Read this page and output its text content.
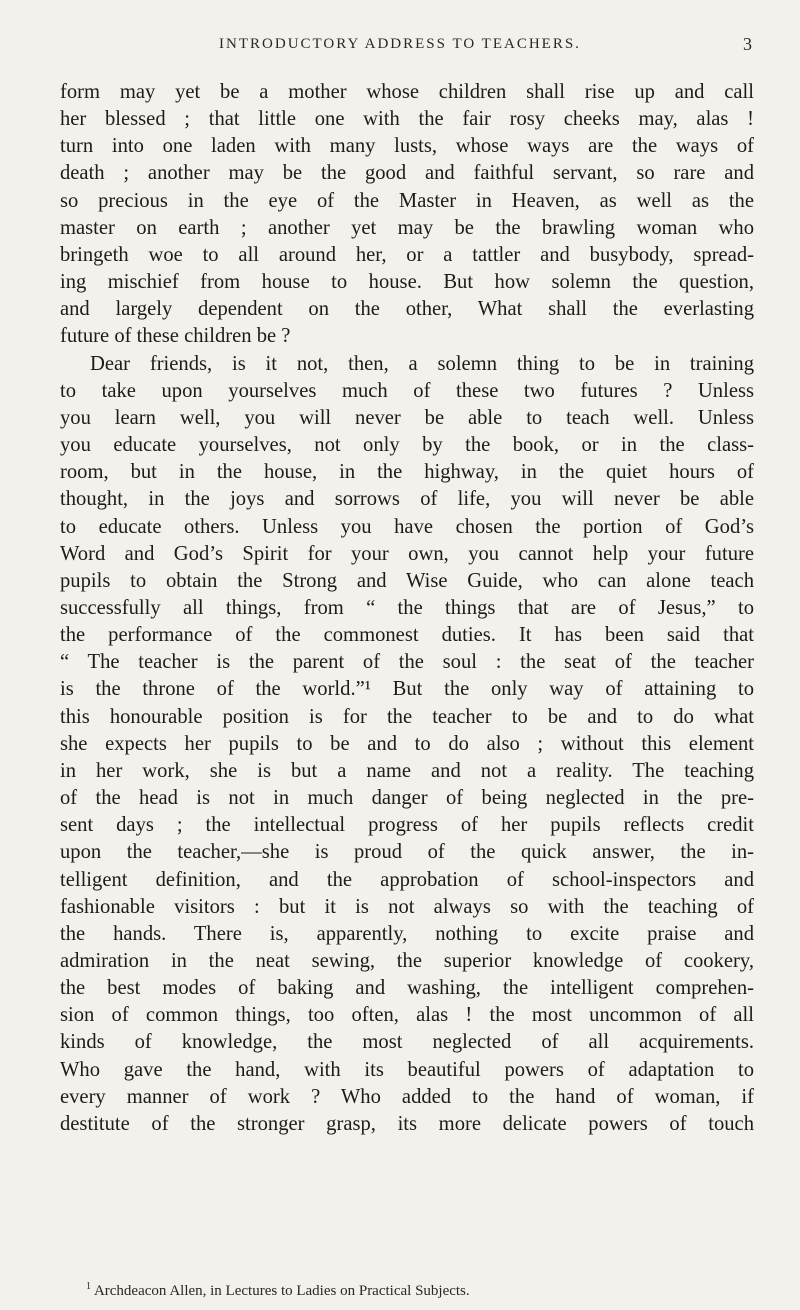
INTRODUCTORY ADDRESS TO TEACHERS.	3

form may yet be a mother whose children shall rise up and call

her blessed ; that little one with the fair rosy cheeks may, alas !

turn into one laden with many lusts, whose ways are the ways of

death ; another may be the good and faithful servant, so rare and

so precious in the eye of the Master in Heaven, as well as the

master on earth ; another yet may be the brawling woman who

bringeth woe to all around her, or a tattler and busybody, spread-

ing mischief from house to house. But how solemn the question,

and largely dependent on the other, What shall the everlasting

future of these children be ?

Dear friends, is it not, then, a solemn thing to be in training

to take upon yourselves much of these two futures ? Unless

you learn well, you will never be able to teach well. Unless

you educate yourselves, not only by the book, or in the class-

room, but in the house, in the highway, in the quiet hours of

thought, in the joys and sorrows of life, you will never be able

to educate others. Unless you have chosen the portion of God’s

Word and God’s Spirit for your own, you cannot help your future

pupils to obtain the Strong and Wise Guide, who can alone teach

successfully all things, from “ the things that are of Jesus,” to

the performance of the commonest duties. It has been said that

“ The teacher is the parent of the soul : the seat of the teacher

is the throne of the world.”¹ But the only way of attaining to

this honourable position is for the teacher to be and to do what

she expects her pupils to be and to do also ; without this element

in her work, she is but a name and not a reality. The teaching

of the head is not in much danger of being neglected in the pre-

sent days ; the intellectual progress of her pupils reflects credit

upon the teacher,—she is proud of the quick answer, the in-

telligent definition, and the approbation of school-inspectors and

fashionable visitors : but it is not always so with the teaching of

the hands. There is, apparently, nothing to excite praise and

admiration in the neat sewing, the superior knowledge of cookery,

the best modes of baking and washing, the intelligent comprehen-

sion of common things, too often, alas ! the most uncommon of all

kinds of knowledge, the most neglected of all acquirements.

Who gave the hand, with its beautiful powers of adaptation to

every manner of work ? Who added to the hand of woman, if

destitute of the stronger grasp, its more delicate powers of touch

$^1$ Archdeacon Allen, in Lectures to Ladies on Practical Subjects.
